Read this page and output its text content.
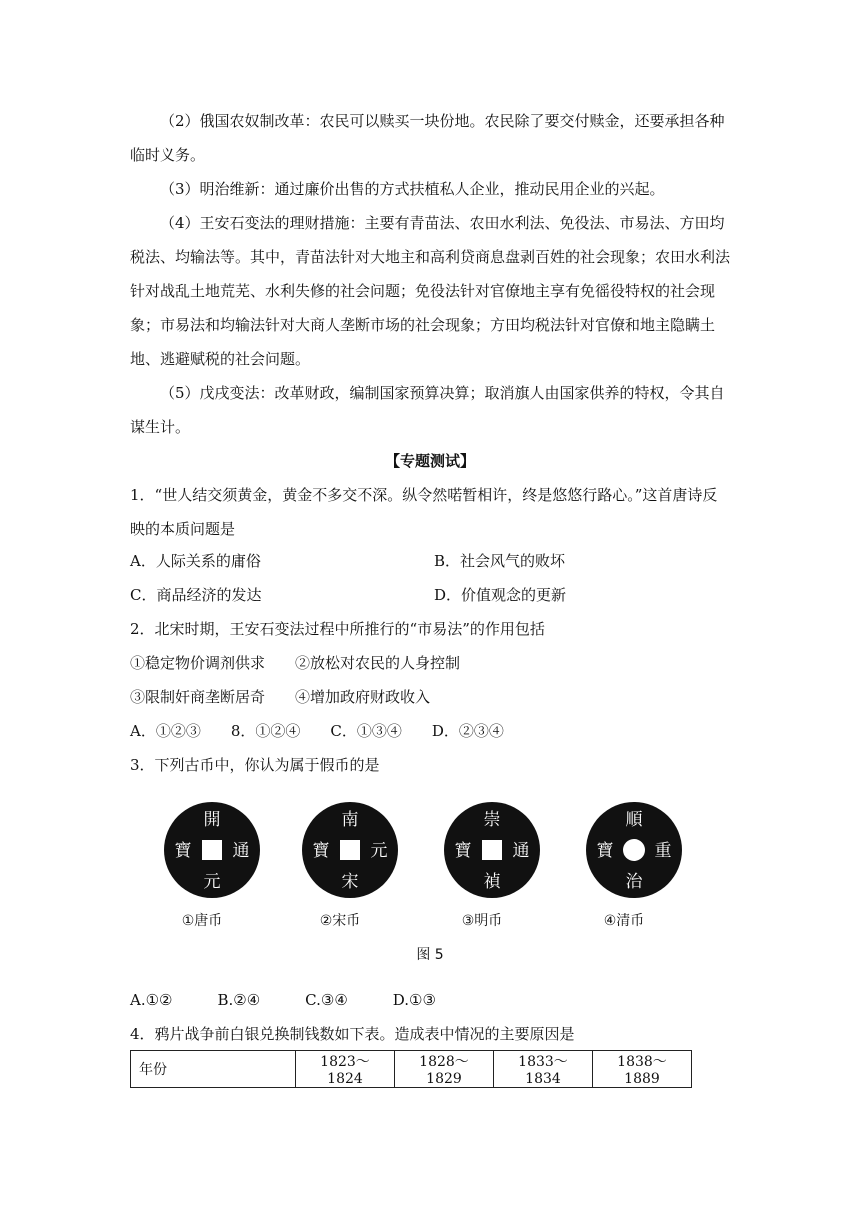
（2）俄国农奴制改革：农民可以赎买一块份地。农民除了要交付赎金，还要承担各种临时义务。

（3）明治维新：通过廉价出售的方式扶植私人企业，推动民用企业的兴起。

（4）王安石变法的理财措施：主要有青苗法、农田水利法、免役法、市易法、方田均税法、均输法等。其中，青苗法针对大地主和高利贷商息盘剥百姓的社会现象；农田水利法针对战乱土地荒芜、水利失修的社会问题；免役法针对官僚地主享有免徭役特权的社会现象；市易法和均输法针对大商人垄断市场的社会现象；方田均税法针对官僚和地主隐瞒土地、逃避赋税的社会问题。

（5）戊戌变法：改革财政，编制国家预算决算；取消旗人由国家供养的特权，令其自谋生计。

【专题测试】

1．“世人结交须黄金，黄金不多交不深。纵令然喏暂相许，终是悠悠行路心。”这首唐诗反映的本质问题是

A．人际关系的庸俗	B．社会风气的败坏
C．商品经济的发达	D．价值观念的更新
2．北宋时期，王安石变法过程中所推行的“市易法”的作用包括
①稳定物价调剂供求　　②放松对农民的人身控制
③限制奸商垄断居奇　　④增加政府财政收入
A．①②③　　8．①②④　　C．①③④　　D．②③④
3．下列古币中，你认为属于假币的是
開
寶 通
元
①唐币
南
寶 元
宋
②宋币
崇
寶 通
禎
③明币
順
寶 重
治
④清币
图 5
A.①②　　　B.②④　　　C.③④　　　D.①③
4．鸦片战争前白银兑换制钱数如下表。造成表中情况的主要原因是
年份	1823～1824	1828～1829	1833～1834	1838～1889
